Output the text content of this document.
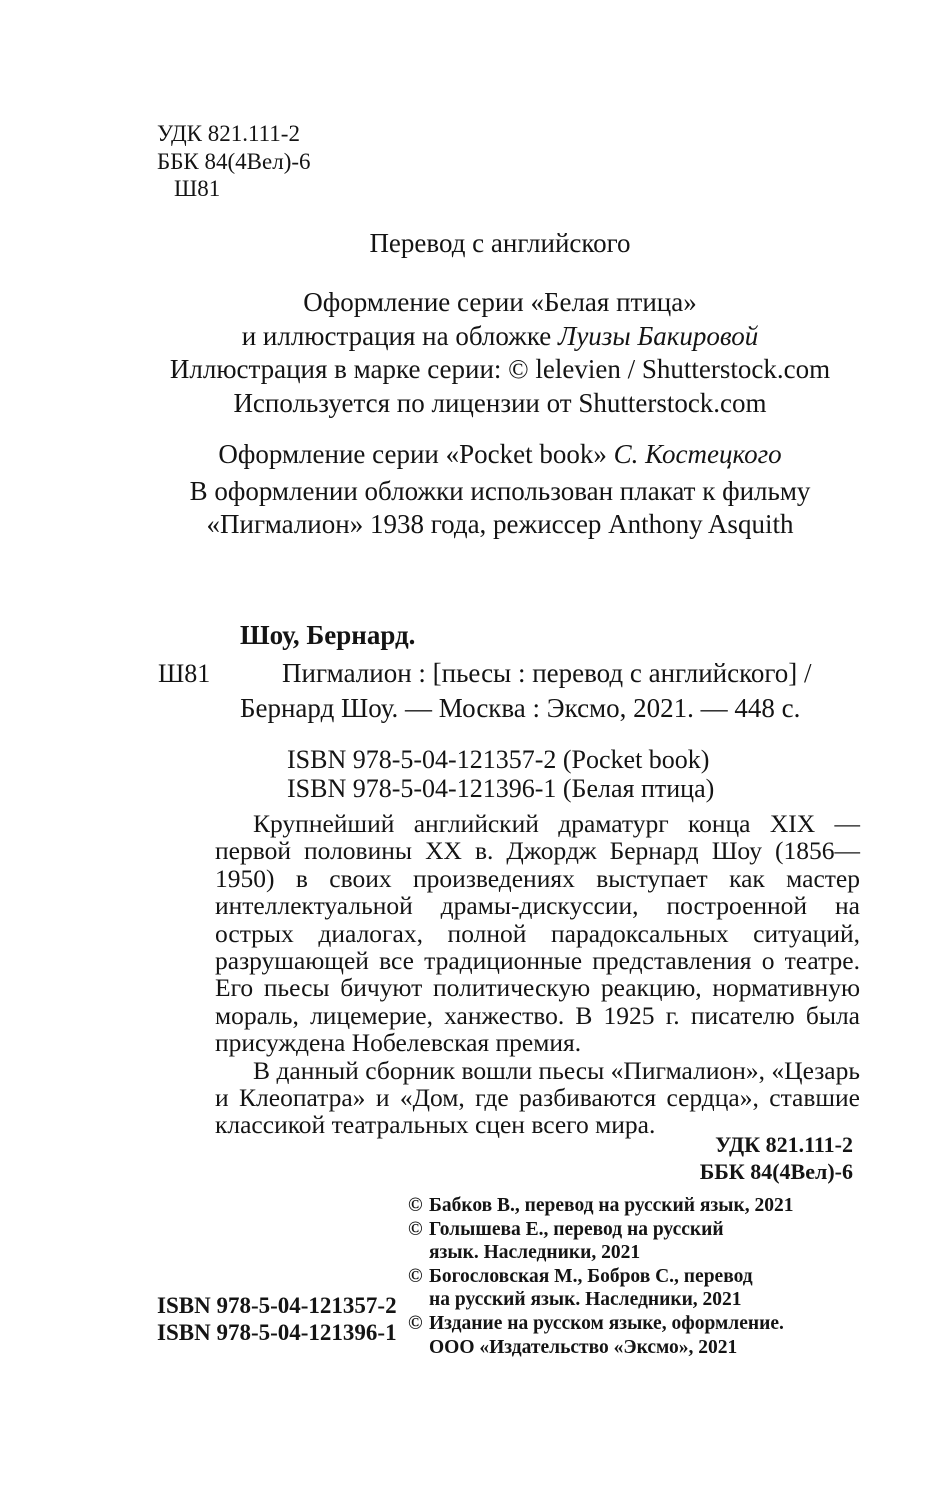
УДК 821.111-2
ББК 84(4Вел)-6
Ш81
Перевод с английского
Оформление серии «Белая птица»
и иллюстрация на обложке Луизы Бакировой
Иллюстрация в марке серии: © lelevien / Shutterstock.com
Используется по лицензии от Shutterstock.com
Оформление серии «Pocket book» С. Костецкого
В оформлении обложки использован плакат к фильму
«Пигмалион» 1938 года, режиссер Anthony Asquith
Шоу, Бернард.
Ш81	Пигмалион : [пьесы : перевод с английского] /
Бернард Шоу. — Москва : Эксмо, 2021. — 448 с.
ISBN 978-5-04-121357-2 (Pocket book)
ISBN 978-5-04-121396-1 (Белая птица)

Крупнейший английский драматург конца XIX — первой половины XX в. Джордж Бернард Шоу (1856—1950) в своих произведениях выступает как мастер интеллектуальной драмы-дискуссии, построенной на острых диалогах, полной парадоксальных ситуаций, разрушающей все традиционные представления о театре. Его пьесы бичуют политическую реакцию, нормативную мораль, лицемерие, ханжество. В 1925 г. писателю была присуждена Нобелевская премия.

В данный сборник вошли пьесы «Пигмалион», «Цезарь и Клеопатра» и «Дом, где разбиваются сердца», ставшие классикой театральных сцен всего мира.

УДК 821.111-2
ББК 84(4Вел)-6
© Бабков В., перевод на русский язык, 2021
© Голышева Е., перевод на русский
язык. Наследники, 2021
© Богословская М., Бобров С., перевод
на русский язык. Наследники, 2021
© Издание на русском языке, оформление.
ООО «Издательство «Эксмо», 2021
ISBN 978-5-04-121357-2
ISBN 978-5-04-121396-1
